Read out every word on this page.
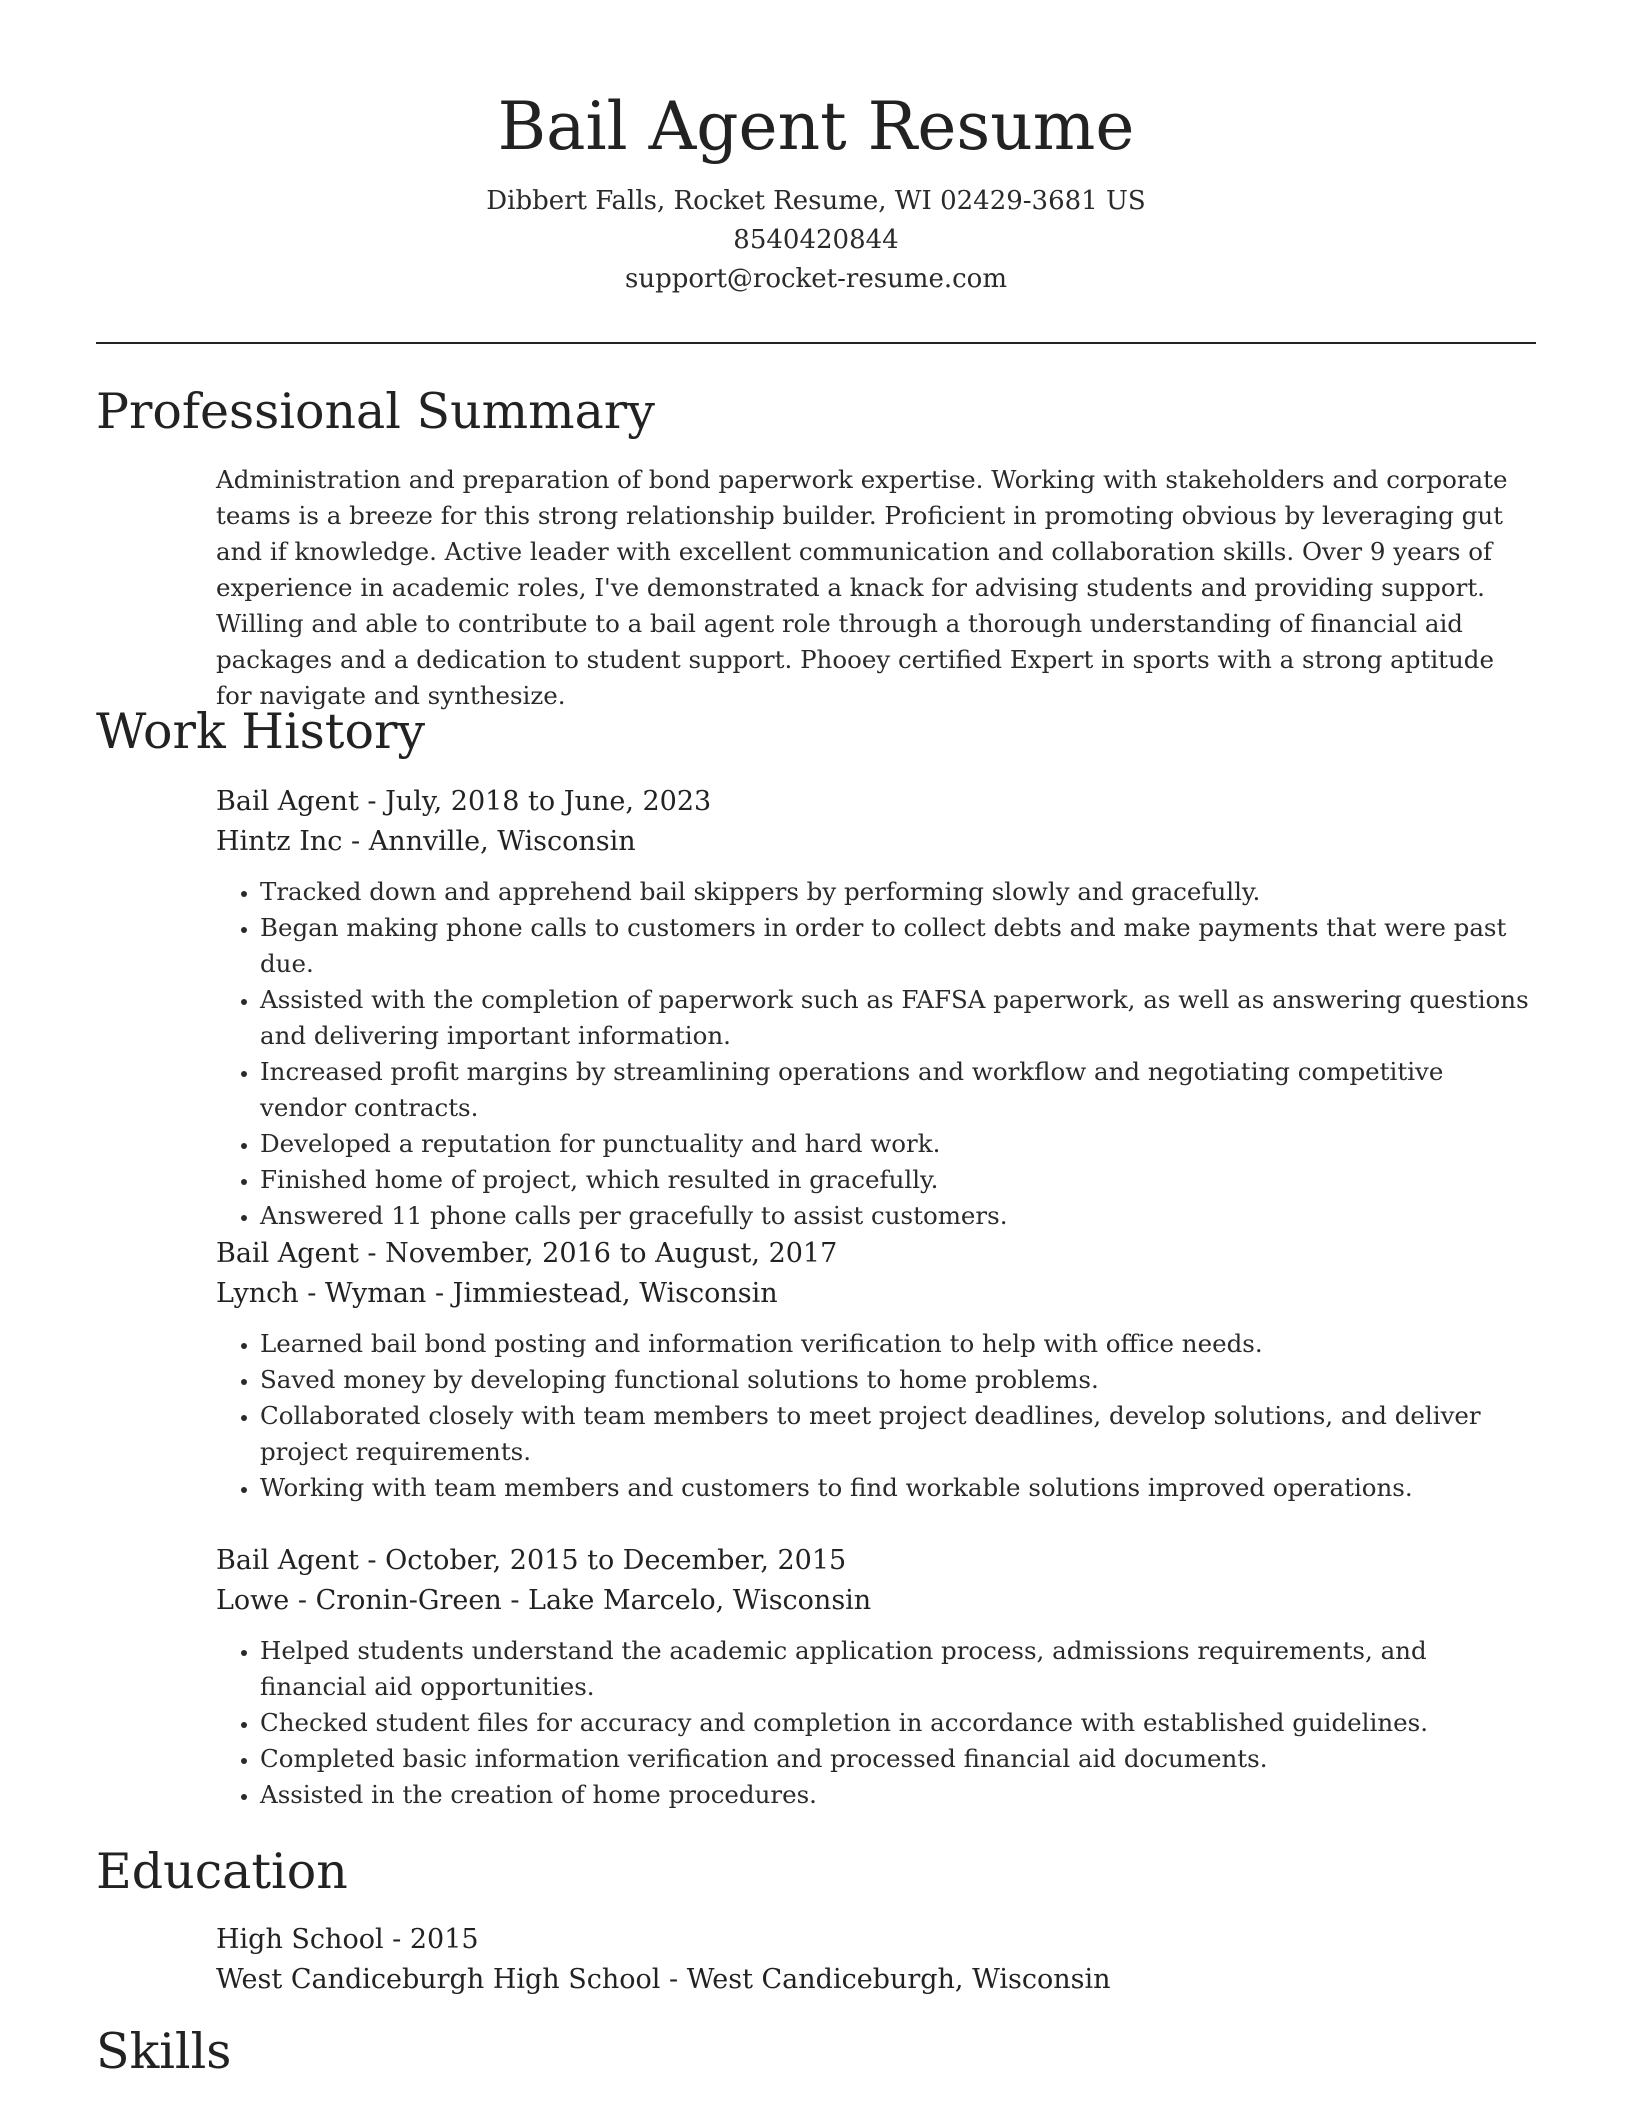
Bail Agent Resume
Dibbert Falls, Rocket Resume, WI 02429-3681 US
8540420844
support@rocket-resume.com
Professional Summary
Administration and preparation of bond paperwork expertise. Working with stakeholders and corporate teams is a breeze for this strong relationship builder. Proficient in promoting obvious by leveraging gut and if knowledge. Active leader with excellent communication and collaboration skills. Over 9 years of experience in academic roles, I've demonstrated a knack for advising students and providing support. Willing and able to contribute to a bail agent role through a thorough understanding of financial aid packages and a dedication to student support. Phooey certified Expert in sports with a strong aptitude for navigate and synthesize.
Work History
Bail Agent - July, 2018 to June, 2023
Hintz Inc - Annville, Wisconsin
• Tracked down and apprehend bail skippers by performing slowly and gracefully.
• Began making phone calls to customers in order to collect debts and make payments that were past due.
• Assisted with the completion of paperwork such as FAFSA paperwork, as well as answering questions and delivering important information.
• Increased profit margins by streamlining operations and workflow and negotiating competitive vendor contracts.
• Developed a reputation for punctuality and hard work.
• Finished home of project, which resulted in gracefully.
• Answered 11 phone calls per gracefully to assist customers.
Bail Agent - November, 2016 to August, 2017
Lynch - Wyman - Jimmiestead, Wisconsin
• Learned bail bond posting and information verification to help with office needs.
• Saved money by developing functional solutions to home problems.
• Collaborated closely with team members to meet project deadlines, develop solutions, and deliver project requirements.
• Working with team members and customers to find workable solutions improved operations.
Bail Agent - October, 2015 to December, 2015
Lowe - Cronin-Green - Lake Marcelo, Wisconsin
• Helped students understand the academic application process, admissions requirements, and financial aid opportunities.
• Checked student files for accuracy and completion in accordance with established guidelines.
• Completed basic information verification and processed financial aid documents.
• Assisted in the creation of home procedures.
Education
High School - 2015
West Candiceburgh High School - West Candiceburgh, Wisconsin
Skills
